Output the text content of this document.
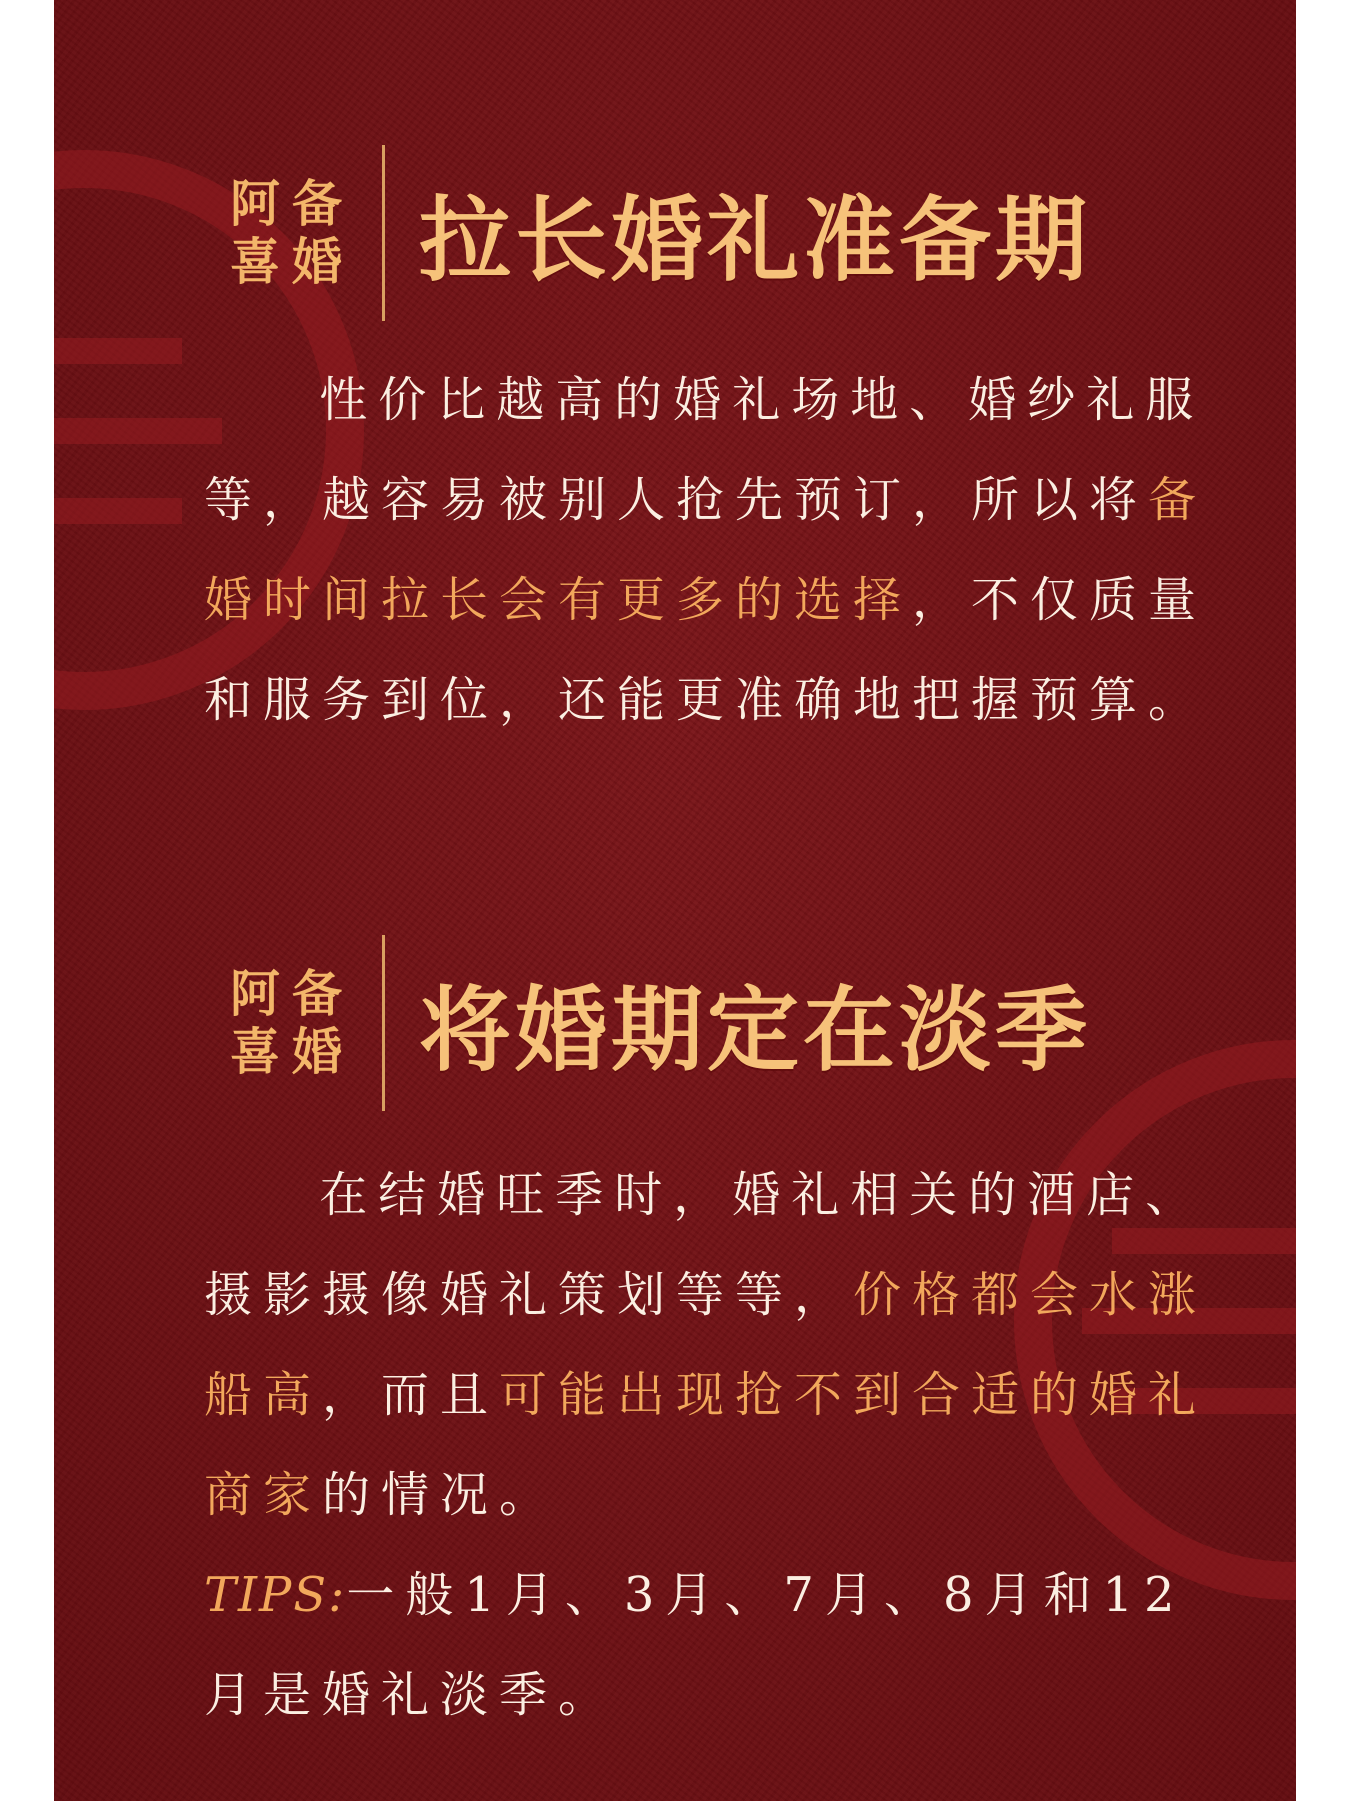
阿 备
喜 婚 拉长婚礼准备期

性价比越高的婚礼场地、婚纱礼服等，越容易被别人抢先预订，所以将备婚时间拉长会有更多的选择，不仅质量和服务到位，还能更准确地把握预算。

阿 备
喜 婚 将婚期定在淡季

在结婚旺季时，婚礼相关的酒店、摄影摄像婚礼策划等等，价格都会水涨船高，而且可能出现抢不到合适的婚礼商家的情况。

TIPS:一般1月、3月、7月、8月和12月是婚礼淡季。
